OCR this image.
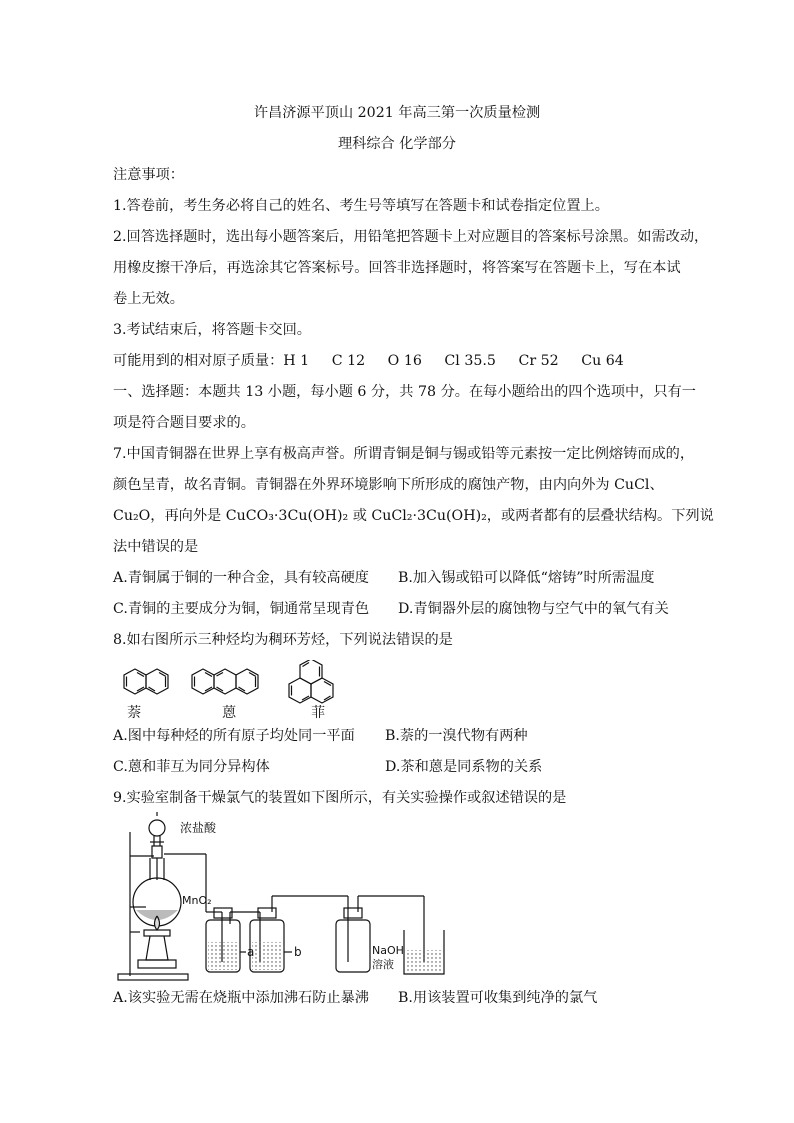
许昌济源平顶山 2021 年高三第一次质量检测
理科综合 化学部分
注意事项：
1.答卷前，考生务必将自己的姓名、考生号等填写在答题卡和试卷指定位置上。
2.回答选择题时，选出每小题答案后，用铅笔把答题卡上对应题目的答案标号涂黑。如需改动，
用橡皮擦干净后，再选涂其它答案标号。回答非选择题时，将答案写在答题卡上，写在本试
卷上无效。
3.考试结束后，将答题卡交回。
可能用到的相对原子质量：H 1     C 12     O 16     Cl 35.5     Cr 52     Cu 64
一、选择题：本题共 13 小题，每小题 6 分，共 78 分。在每小题给出的四个选项中，只有一
项是符合题目要求的。
7.中国青铜器在世界上享有极高声誉。所谓青铜是铜与锡或铅等元素按一定比例熔铸而成的，
颜色呈青，故名青铜。青铜器在外界环境影响下所形成的腐蚀产物，由内向外为 CuCl、
Cu₂O，再向外是 CuCO₃·3Cu(OH)₂ 或 CuCl₂·3Cu(OH)₂，或两者都有的层叠状结构。下列说
法中错误的是
A.青铜属于铜的一种合金，具有较高硬度 B.加入锡或铅可以降低“熔铸”时所需温度
C.青铜的主要成分为铜，铜通常呈现青色 D.青铜器外层的腐蚀物与空气中的氧气有关
8.如右图所示三种烃均为稠环芳烃，下列说法错误的是
萘	蒽	菲
A.图中每种烃的所有原子均处同一平面 B.萘的一溴代物有两种
C.蒽和菲互为同分异构体	D.茶和蒽是同系物的关系
9.实验室制备干燥氯气的装置如下图所示，有关实验操作或叙述错误的是
浓盐酸
MnO₂
a	b	NaOH
溶液
A.该实验无需在烧瓶中添加沸石防止暴沸 B.用该装置可收集到纯净的氯气
